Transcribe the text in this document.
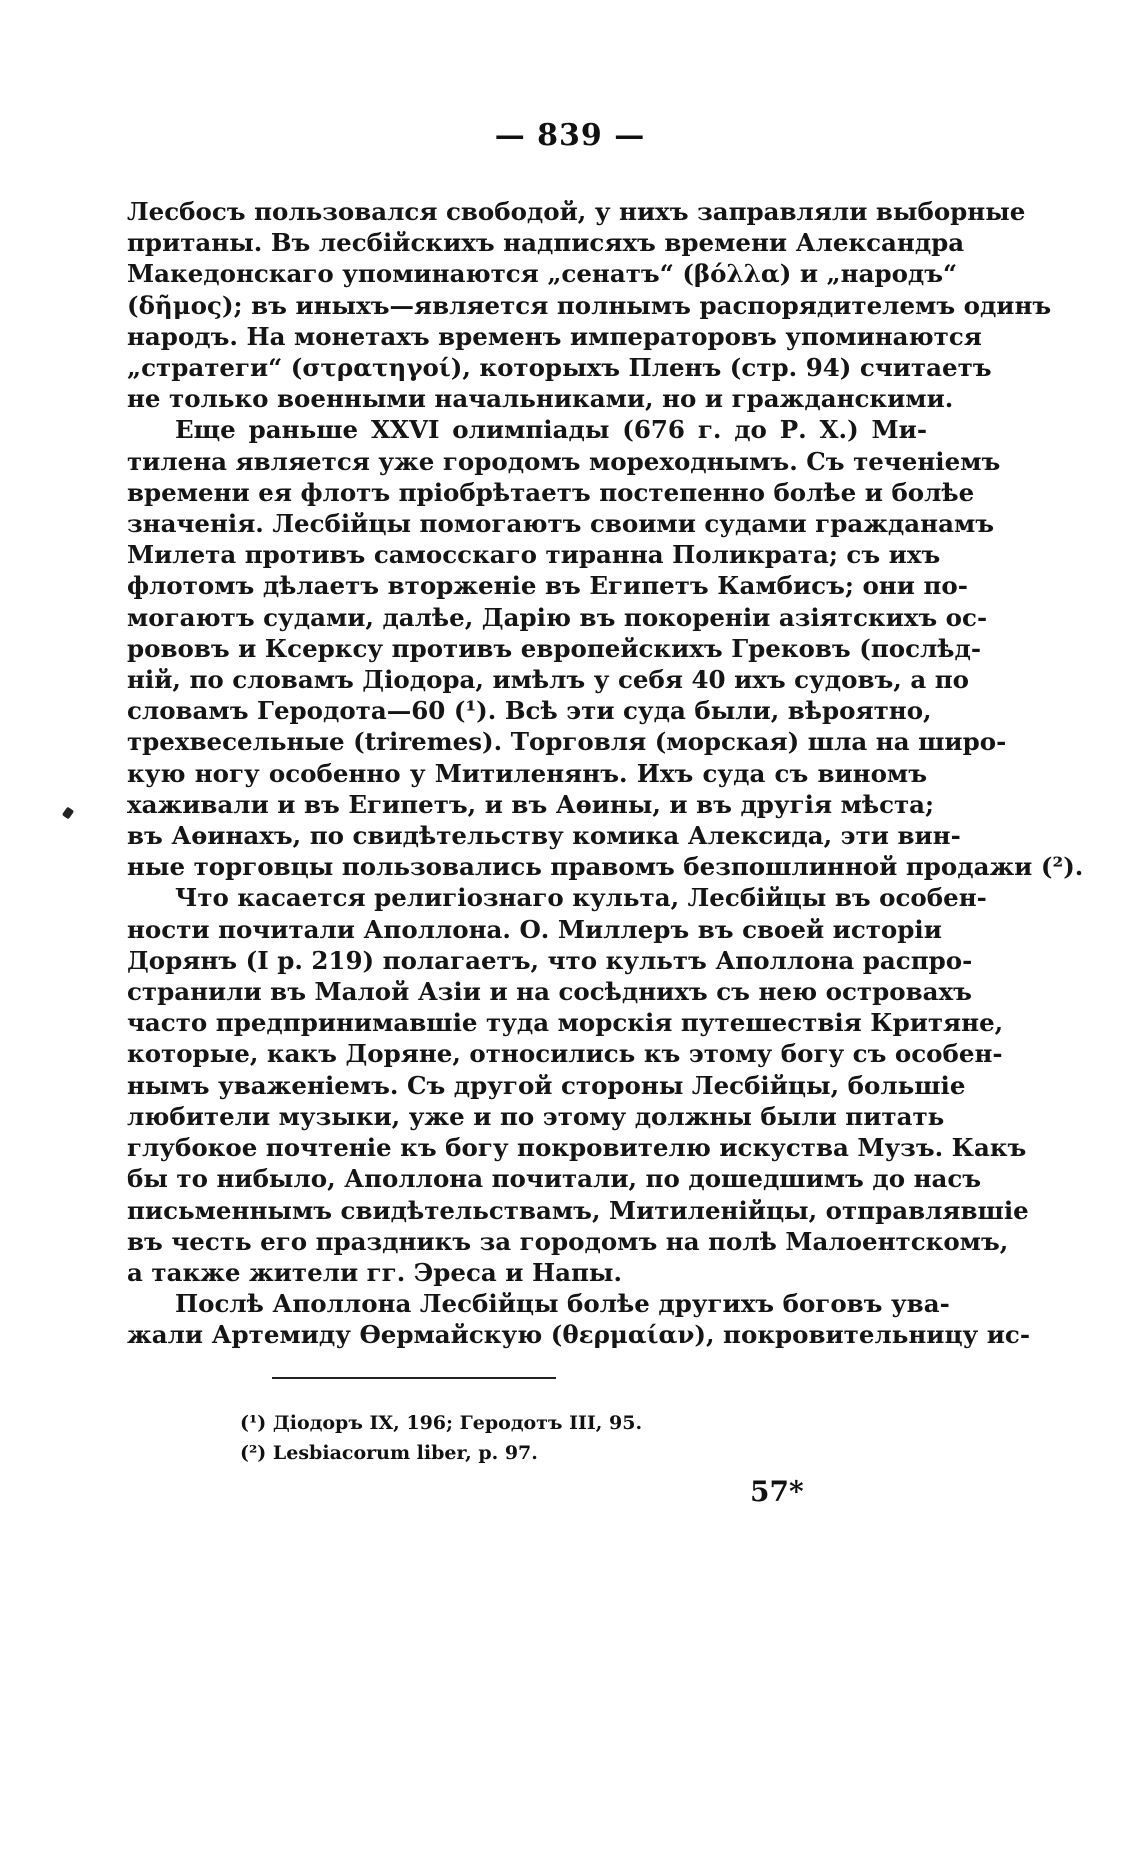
— 839 —
Лесбосъ пользовался свободой, у нихъ заправляли выборные
пританы. Въ лесбійскихъ надписяхъ времени Александра
Македонскаго упоминаются „сенатъ“ (βόλλα) и „народъ“
(δῆμος); въ иныхъ—является полнымъ распорядителемъ одинъ
народъ. На монетахъ временъ императоровъ упоминаются
„стратеги“ (στρατηγοί), которыхъ Пленъ (стр. 94) считаетъ
не только военными начальниками, но и гражданскими.
Еще раньше XXVI олимпіады (676 г. до Р. Х.) Ми-
тилена является уже городомъ мореходнымъ. Съ теченіемъ
времени ея флотъ пріобрѣтаетъ постепенно болѣе и болѣе
значенія. Лесбійцы помогаютъ своими судами гражданамъ
Милета противъ самосскаго тиранна Поликрата; съ ихъ
флотомъ дѣлаетъ вторженіе въ Египетъ Камбисъ; они по-
могаютъ судами, далѣе, Дарію въ покореніи азіятскихъ ос-
рововъ и Ксерксу противъ европейскихъ Грековъ (послѣд-
ній, по словамъ Діодора, имѣлъ у себя 40 ихъ судовъ, а по
словамъ Геродота—60 (¹). Всѣ эти суда были, вѣроятно,
трехвесельные (triremes). Торговля (морская) шла на широ-
кую ногу особенно у Митиленянъ. Ихъ суда съ виномъ
хаживали и въ Египетъ, и въ Аѳины, и въ другія мѣста;
въ Аѳинахъ, по свидѣтельству комика Алексида, эти вин-
ные торговцы пользовались правомъ безпошлинной продажи (²).
Что касается религіознаго культа, Лесбійцы въ особен-
ности почитали Аполлона. О. Миллеръ въ своей исторіи
Дорянъ (I p. 219) полагаетъ, что культъ Аполлона распро-
странили въ Малой Азіи и на сосѣднихъ съ нею островахъ
часто предпринимавшіе туда морскія путешествія Критяне,
которые, какъ Доряне, относились къ этому богу съ особен-
нымъ уваженіемъ. Съ другой стороны Лесбійцы, большіе
любители музыки, уже и по этому должны были питать
глубокое почтеніе къ богу покровителю искуства Музъ. Какъ
бы то нибыло, Аполлона почитали, по дошедшимъ до насъ
письменнымъ свидѣтельствамъ, Митиленійцы, отправлявшіе
въ честь его праздникъ за городомъ на полѣ Малоентскомъ,
а также жители гг. Эреса и Напы.
Послѣ Аполлона Лесбійцы болѣе другихъ боговъ ува-
жали Артемиду Ѳермайскую (θερμαίαν), покровительницу ис-
(¹) Діодоръ IX, 196; Геродотъ III, 95.
(²) Lesbiacorum liber, p. 97.
57*
